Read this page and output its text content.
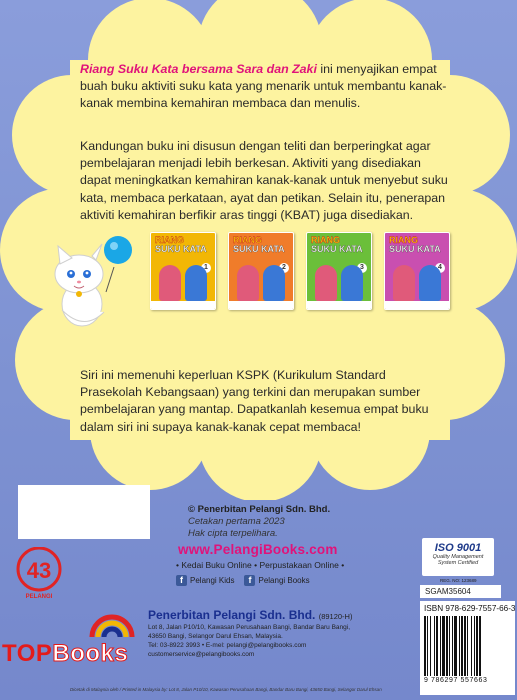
Riang Suku Kata bersama Sara dan Zaki ini menyajikan empat buah buku aktiviti suku kata yang menarik untuk membantu kanak-kanak membina kemahiran membaca dan menulis.

Kandungan buku ini disusun dengan teliti dan berperingkat agar pembelajaran menjadi lebih berkesan. Aktiviti yang disediakan dapat meningkatkan kemahiran kanak-kanak untuk menyebut suku kata, membaca perkataan, ayat dan petikan. Selain itu, penerapan aktiviti kemahiran berfikir aras tinggi (KBAT) juga disediakan.

RIANG
SUKU KATA
1
RIANG
SUKU KATA
2
RIANG
SUKU KATA
3
RIANG
SUKU KATA
4

Siri ini memenuhi keperluan KSPK (Kurikulum Standard Prasekolah Kebangsaan) yang terkini dan merupakan sumber pembelajaran yang mantap. Dapatkanlah kesemua empat buku dalam siri ini supaya kanak-kanak cepat membaca!

43
PELANGI
© Penerbitan Pelangi Sdn. Bhd.
Cetakan pertama 2023
Hak cipta terpelihara.
www.PelangiBooks.com
• Kedai Buku Online • Perpustakaan Online •
f Pelangi Kids	f Pelangi Books
ISO 9001
Quality Management
System Certified
REG. NO: 123689
Penerbitan Pelangi Sdn. Bhd. (89120-H)
Lot 8, Jalan P10/10, Kawasan Perusahaan Bangi, Bandar Baru Bangi,
43650 Bangi, Selangor Darul Ehsan, Malaysia.
Tel: 03-8922 3993 • E-mel: pelangi@pelangibooks.com
customerservice@pelangibooks.com
Dicetak di Malaysia oleh / Printed in Malaysia by: Lot 8, Jalan P10/10, Kawasan Perusahaan Bangi, Bandar Baru Bangi, 43650 Bangi, Selangor Darul Ehsan
SGAM35604
ISBN 978-629-7557-66-3
9 786297 557663
TOPBooks
